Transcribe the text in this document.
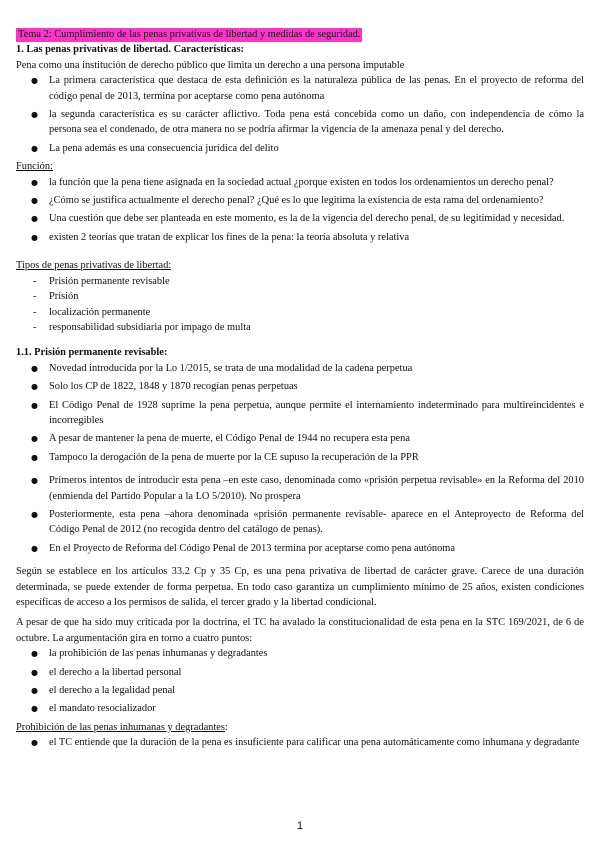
Tema 2: Cumplimiento de las penas privativas de libertad y medidas de seguridad.
1. Las penas privativas de libertad. Características:

Pena como una institución de derecho público que limita un derecho a una persona imputable

● La primera característica que destaca de esta definición es la naturaleza pública de las penas. En el proyecto de reforma del código penal de 2013, termina por aceptarse como pena autónoma
● la segunda característica es su carácter aflictivo. Toda pena está concebida como un daño, con independencia de cómo la persona sea el condenado, de otra manera no se podría afirmar la vigencia de la amenaza penal y del derecho.
● La pena además es una consecuencia jurídica del delito
Función:
● la función que la pena tiene asignada en la sociedad actual ¿porque existen en todos los ordenamientos un derecho penal?
● ¿Cómo se justifica actualmente el derecho penal? ¿Qué es lo que legitima la existencia de esta rama del ordenamiento?
● Una cuestión que debe ser planteada en este momento, es la de la vigencia del derecho penal, de su legitimidad y necesidad.
● existen 2 teorías que tratan de explicar los fines de la pena: la teoría absoluta y relativa
Tipos de penas privativas de libertad:
- Prisión permanente revisable
- Prisión
- localización permanente
- responsabilidad subsidiaria por impago de multa
1.1. Prisión permanente revisable:
● Novedad introducida por la Lo 1/2015, se trata de una modalidad de la cadena perpetua
● Solo los CP de 1822, 1848 y 1870 recogían penas perpetuas
● El Código Penal de 1928 suprime la pena perpetua, aunque permite el internamiento indeterminado para multireincidentes e incorregibles
● A pesar de mantener la pena de muerte, el Código Penal de 1944 no recupera esta pena
● Tampoco la derogación de la pena de muerte por la CE supuso la recuperación de la PPR
● Primeros intentos de introducir esta pena –en este caso, denominada como «prisión perpetua revisable» en la Reforma del 2010 (enmienda del Partido Popular a la LO 5/2010). No prospera
● Posteriormente, esta pena –ahora denominada «prisión permanente revisable- aparece en el Anteproyecto de Reforma del Código Penal de 2012 (no recogida dentro del catálogo de penas).
● En el Proyecto de Reforma del Código Penal de 2013 termina por aceptarse como pena autónoma

Según se establece en los artículos 33.2 Cp y 35 Cp, es una pena privativa de libertad de carácter grave. Carece de una duración determinada, se puede extender de forma perpetua. En todo caso garantiza un cumplimiento mínimo de 25 años, existen condiciones específicas de acceso a los permisos de salida, el tercer grado y la libertad condicional.

A pesar de que ha sido muy criticada por la doctrina, el TC ha avalado la constitucionalidad de esta pena en la STC 169/2021, de 6 de octubre. La argumentación gira en torno a cuatro puntos:

● la prohibición de las penas inhumanas y degradantes
● el derecho a la libertad personal
● el derecho a la legalidad penal
● el mandato resocializador
Prohibición de las penas inhumanas y degradantes:
● el TC entiende que la duración de la pena es insuficiente para calificar una pena automáticamente como inhumana y degradante
1
